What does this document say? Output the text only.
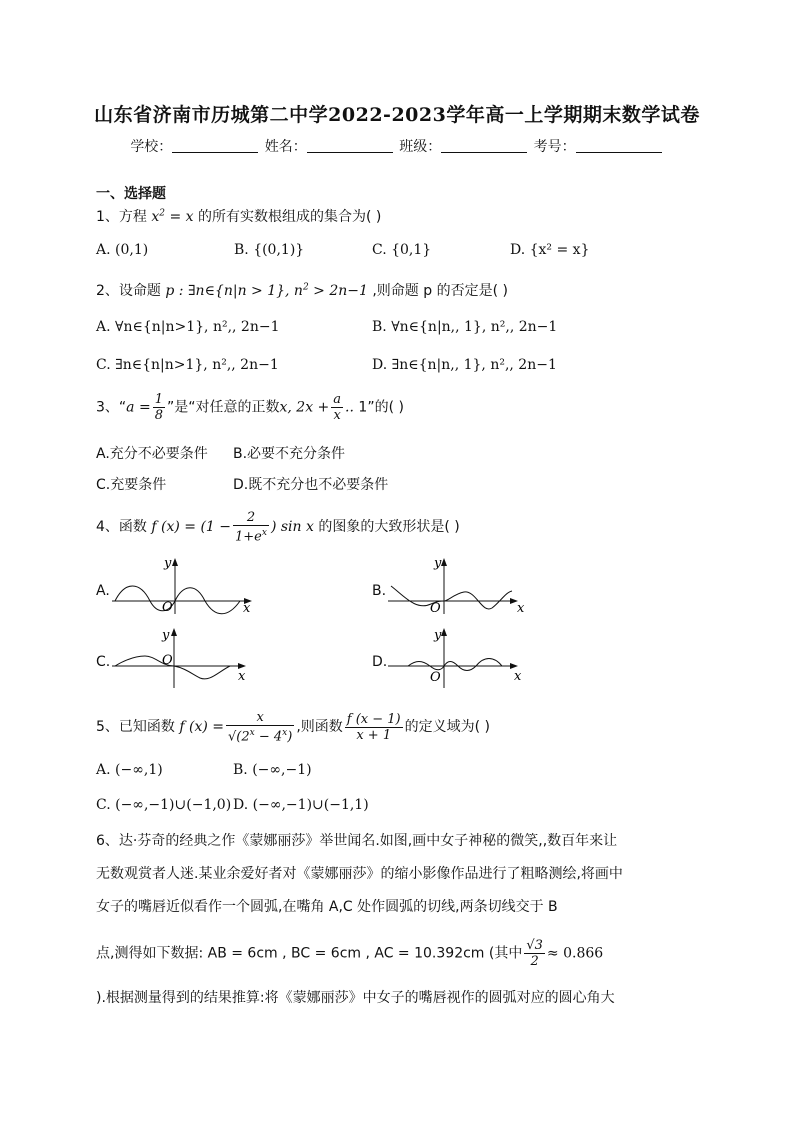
山东省济南市历城第二中学2022-2023学年高一上学期期末数学试卷
学校：	姓名：	班级：	考号：
一、选择题
1、方程 $x^2 = x$ 的所有实数根组成的集合为( )
A. (0,1)	B. {(0,1)}	C. {0,1}	D. {x² = x}
2、设命题 p : ∃n∈{n|n > 1}, $n^2 > 2n-1$ ,则命题 p 的否定是( )
A. ∀n∈{n|n>1}, n²,, 2n−1	B. ∀n∈{n|n,, 1}, n²,, 2n−1
C. ∃n∈{n|n>1}, n²,, 2n−1	D. ∃n∈{n|n,, 1}, n²,, 2n−1
3、“$a = \frac{1}{8}$ ”是“对任意的正数x, $2x + \frac{a}{x}$ .. 1”的( )
A.充分不必要条件 B.必要不充分条件
C.充要条件	D.既不充分也不必要条件
4、函数 f $(x) = (1 - \frac{2}{1+e^x}$ ) sin x 的图象的大致形状是( )
A.
y
x
O
B.
y
x
O
C.
y
x
O	D.
y
x
O
5、已知函数 f $(x) = \frac{x}{√(2^x - 4^x)}$ ,则函数 $\frac{f (x - 1)}{x + 1}$ 的定义域为( )
A. (−∞,1)	B. (−∞,−1)
C. (−∞,−1)∪(−1,0) D. (−∞,−1)∪(−1,1)
6、达·芬奇的经典之作《蒙娜丽莎》举世闻名.如图,画中女子神秘的微笑,,数百年来让
无数观赏者人迷.某业余爱好者对《蒙娜丽莎》的缩小影像作品进行了粗略测绘,将画中
女子的嘴唇近似看作一个圆弧,在嘴角 A,C 处作圆弧的切线,两条切线交于 B
点,测得如下数据: AB = 6cm , BC = 6cm , AC = 10.392cm (其中 $\frac{√3}{2} \approx 0.866$
).根据测量得到的结果推算:将《蒙娜丽莎》中女子的嘴唇视作的圆弧对应的圆心角大
